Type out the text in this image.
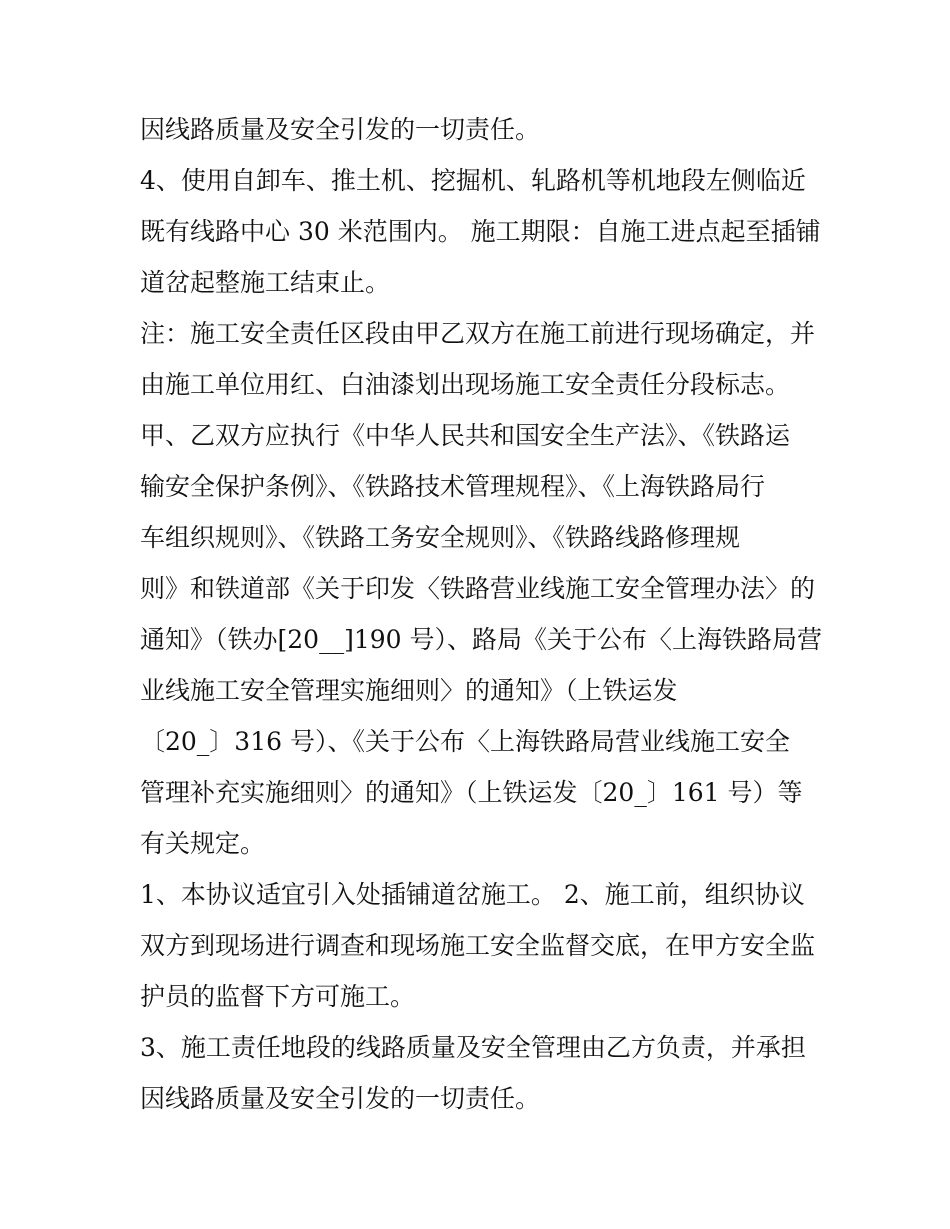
因线路质量及安全引发的一切责任。
4、使用自卸车、推土机、挖掘机、轧路机等机地段左侧临近
既有线路中心 30 米范围内。 施工期限：自施工进点起至插铺
道岔起整施工结束止。
注：施工安全责任区段由甲乙双方在施工前进行现场确定，并
由施工单位用红、白油漆划出现场施工安全责任分段标志。
甲、乙双方应执行《中华人民共和国安全生产法》、《铁路运
输安全保护条例》、《铁路技术管理规程》、《上海铁路局行
车组织规则》、《铁路工务安全规则》、《铁路线路修理规
则》和铁道部《关于印发〈铁路营业线施工安全管理办法〉的
通知》（铁办[20__]190 号）、路局《关于公布〈上海铁路局营
业线施工安全管理实施细则〉的通知》（上铁运发
〔20_〕316 号）、《关于公布〈上海铁路局营业线施工安全
管理补充实施细则〉的通知》（上铁运发〔20_〕161 号）等
有关规定。
1、本协议适宜引入处插铺道岔施工。 2、施工前，组织协议
双方到现场进行调查和现场施工安全监督交底，在甲方安全监
护员的监督下方可施工。
3、施工责任地段的线路质量及安全管理由乙方负责，并承担
因线路质量及安全引发的一切责任。
